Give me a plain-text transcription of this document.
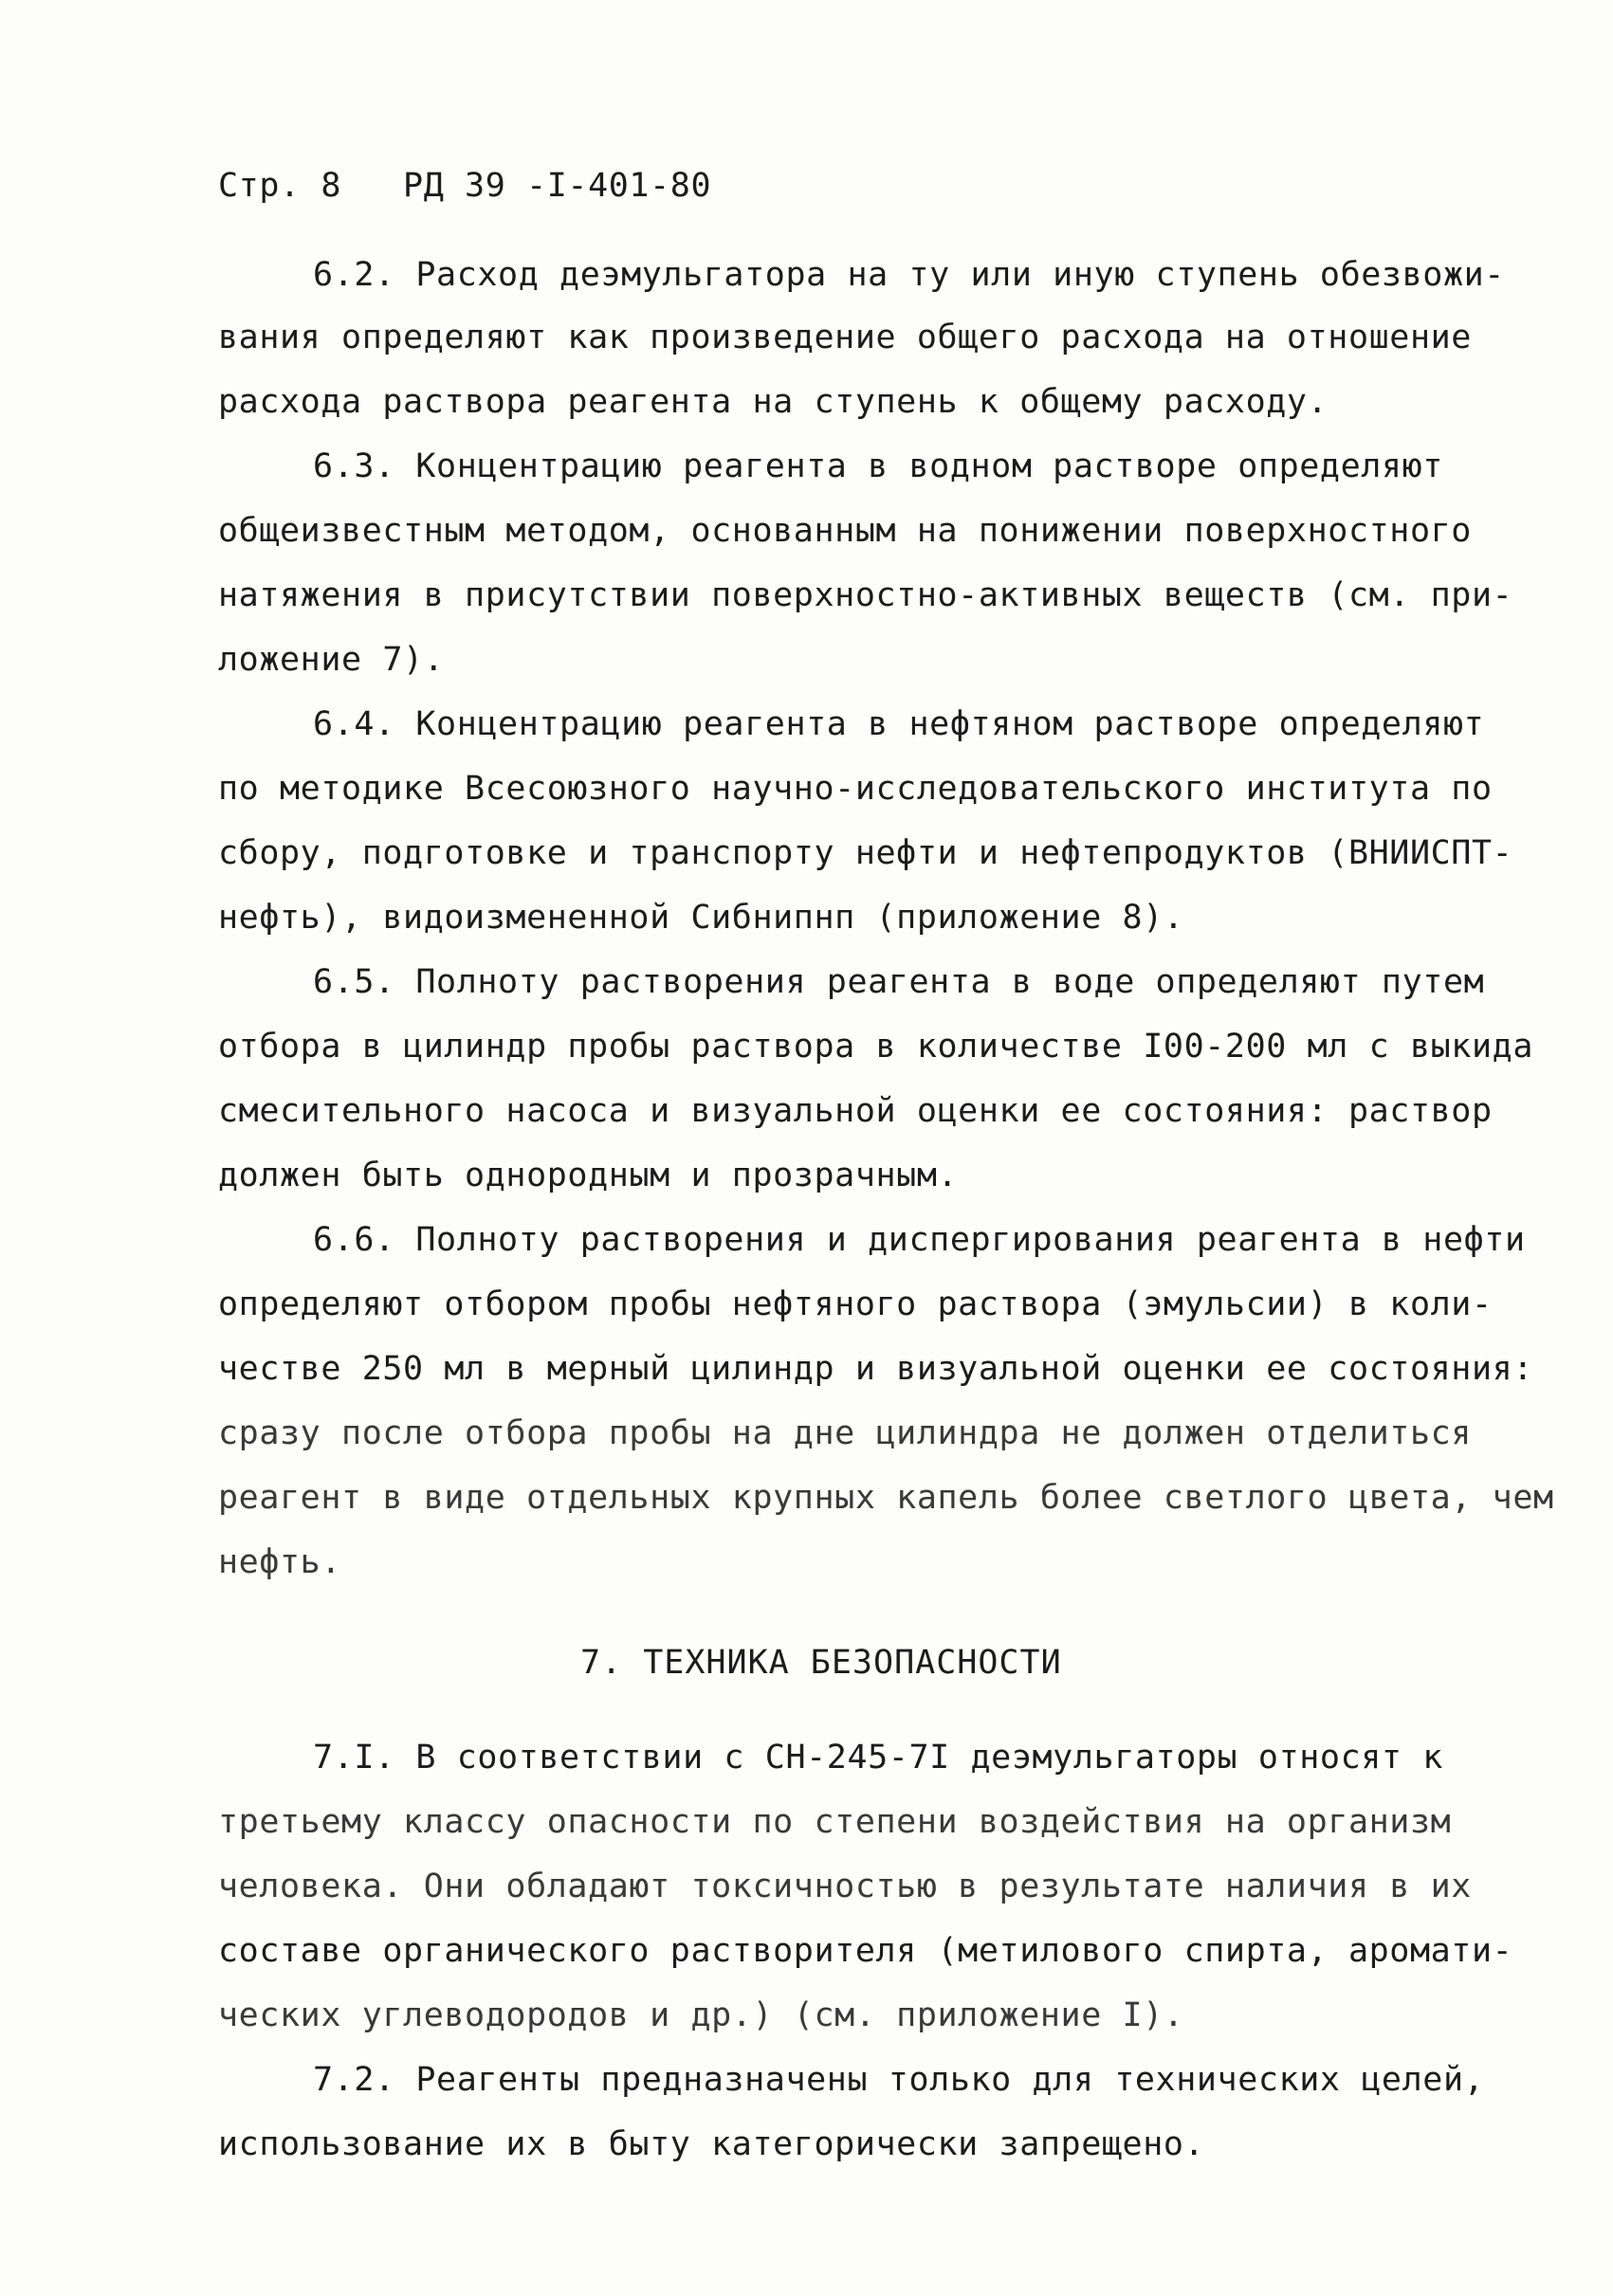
Стр. 8   РД 39 -I-401-80
6.2. Расход деэмульгатора на ту или иную ступень обезвожи-
вания определяют как произведение общего расхода на отношение
расхода раствора реагента на ступень к общему расходу.
6.3. Концентрацию реагента в водном растворе определяют
общеизвестным методом, основанным на понижении поверхностного
натяжения в присутствии поверхностно-активных веществ (см. при-
ложение 7).
6.4. Концентрацию реагента в нефтяном растворе определяют
по методике Всесоюзного научно-исследовательского института по
сбору, подготовке и транспорту нефти и нефтепродуктов (ВНИИСПТ-
нефть), видоизмененной Сибнипнп (приложение 8).
6.5. Полноту растворения реагента в воде определяют путем
отбора в цилиндр пробы раствора в количестве I00-200 мл с выкида
смесительного насоса и визуальной оценки ее состояния: раствор
должен быть однородным и прозрачным.
6.6. Полноту растворения и диспергирования реагента в нефти
определяют отбором пробы нефтяного раствора (эмульсии) в коли-
честве 250 мл в мерный цилиндр и визуальной оценки ее состояния:
сразу после отбора пробы на дне цилиндра не должен отделиться
реагент в виде отдельных крупных капель более светлого цвета, чем
нефть.
7. ТЕХНИКА БЕЗОПАСНОСТИ
7.I. В соответствии с СН-245-7I деэмульгаторы относят к
третьему классу опасности по степени воздействия на организм
человека. Они обладают токсичностью в результате наличия в их
составе органического растворителя (метилового спирта, аромати-
ческих углеводородов и др.) (см. приложение I).
7.2. Реагенты предназначены только для технических целей,
использование их в быту категорически запрещено.
